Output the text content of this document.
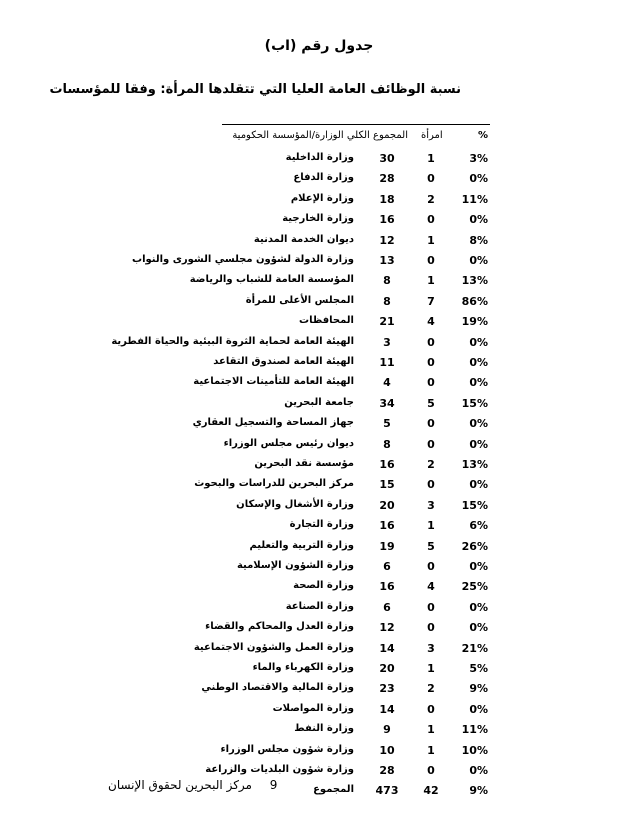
جدول رقم (اب)
نسبة الوظائف العامة العليا التي تتقلدها المرأة: وفقا للمؤسسات
%
امرأة
المجموع الكلي الوزارة/المؤسسة الحكومية
3%
1
30
وزارة الداخلية
0%
0
28
وزارة الدفاع
11%
2
18
وزارة الإعلام
0%
0
16
وزارة الخارجية
8%
1
12
ديوان الخدمة المدنية
0%
0
13
وزارة الدولة لشؤون مجلسي الشورى والنواب
13%
1
8
المؤسسة العامة للشباب والرياضة
86%
7
8
المجلس الأعلى للمرأة
19%
4
21
المحافظات
0%
0
3
الهيئة العامة لحماية الثروة البيئية والحياة الفطرية
0%
0
11
الهيئة العامة لصندوق التقاعد
0%
0
4
الهيئة العامة للتأمينات الاجتماعية
15%
5
34
جامعة البحرين
0%
0
5
جهاز المساحة والتسجيل العقاري
0%
0
8
ديوان رئيس مجلس الوزراء
13%
2
16
مؤسسة نقد البحرين
0%
0
15
مركز البحرين للدراسات والبحوث
15%
3
20
وزارة الأشغال والإسكان
6%
1
16
وزارة التجارة
26%
5
19
وزارة التربية والتعليم
0%
0
6
وزارة الشؤون الإسلامية
25%
4
16
وزارة الصحة
0%
0
6
وزارة الصناعة
0%
0
12
وزارة العدل والمحاكم والقضاء
21%
3
14
وزارة العمل والشؤون الاجتماعية
5%
1
20
وزارة الكهرباء والماء
9%
2
23
وزارة المالية والاقتصاد الوطني
0%
0
14
وزارة المواصلات
11%
1
9
وزارة النفط
10%
1
10
وزارة شؤون مجلس الوزراء
0%
0
28
وزارة شؤون البلديات والزراعة
9%
42
473
المجموع
9 مركز البحرين لحقوق الإنسان
